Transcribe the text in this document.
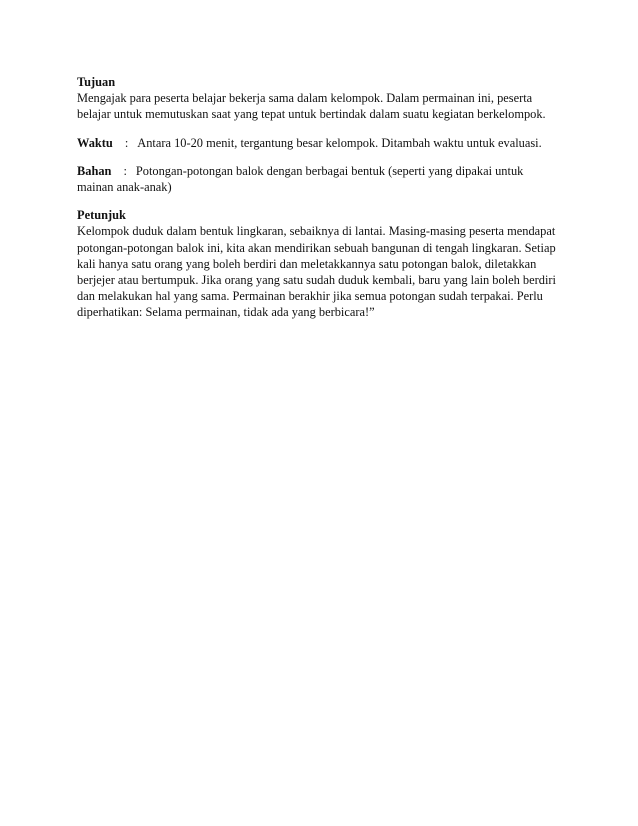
Tujuan
Mengajak para peserta belajar bekerja sama dalam kelompok. Dalam permainan ini, peserta
belajar untuk memutuskan saat yang tepat untuk bertindak dalam suatu kegiatan berkelompok.
Waktu : Antara 10-20 menit, tergantung besar kelompok. Ditambah waktu untuk evaluasi.
Bahan : Potongan-potongan balok dengan berbagai bentuk (seperti yang dipakai untuk
mainan anak-anak)
Petunjuk
Kelompok duduk dalam bentuk lingkaran, sebaiknya di lantai. Masing-masing peserta mendapat
potongan-potongan balok ini, kita akan mendirikan sebuah bangunan di tengah lingkaran. Setiap
kali hanya satu orang yang boleh berdiri dan meletakkannya satu potongan balok, diletakkan
berjejer atau bertumpuk. Jika orang yang satu sudah duduk kembali, baru yang lain boleh berdiri
dan melakukan hal yang sama. Permainan berakhir jika semua potongan sudah terpakai. Perlu
diperhatikan: Selama permainan, tidak ada yang berbicara!”
